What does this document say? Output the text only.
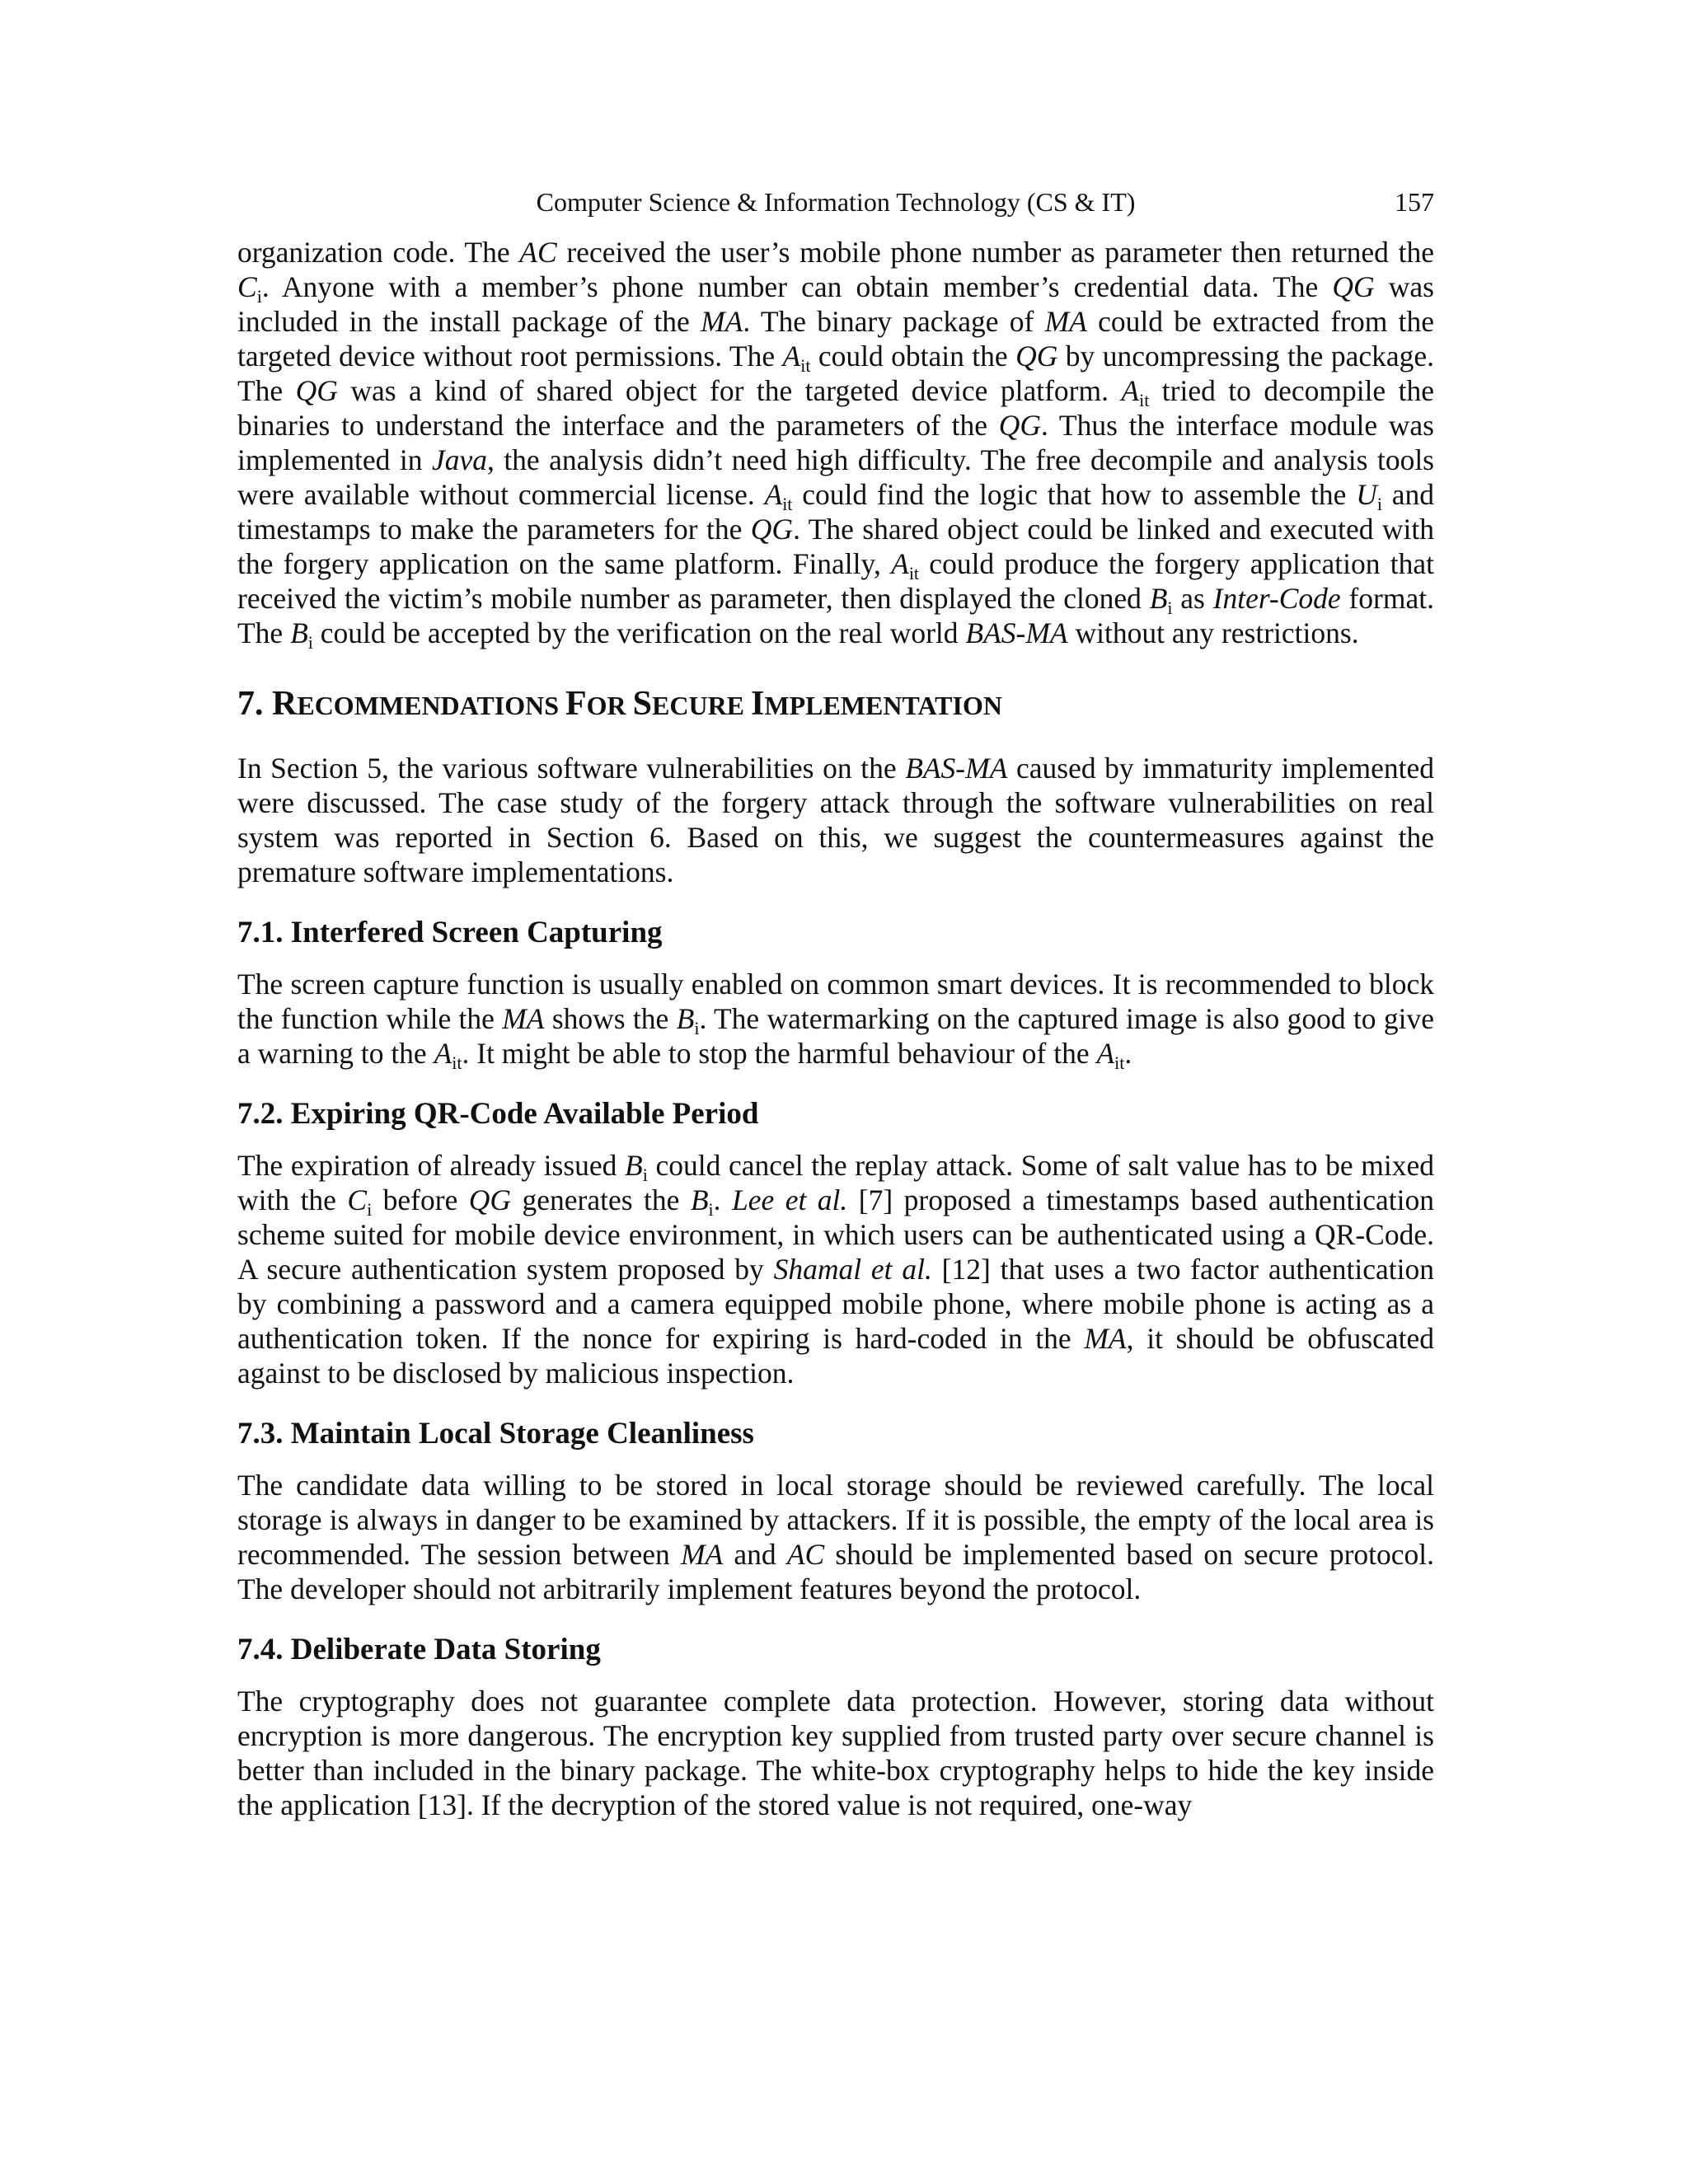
Computer Science & Information Technology (CS & IT)	157

organization code. The AC received the user’s mobile phone number as parameter then returned the $C_i$. Anyone with a member’s phone number can obtain member’s credential data. The QG was included in the install package of the MA. The binary package of MA could be extracted from the targeted device without root permissions. The $A_{it}$ could obtain the QG by uncompressing the package. The QG was a kind of shared object for the targeted device platform. $A_{it}$ tried to decompile the binaries to understand the interface and the parameters of the QG. Thus the interface module was implemented in Java, the analysis didn’t need high difficulty. The free decompile and analysis tools were available without commercial license. $A_{it}$ could find the logic that how to assemble the $U_i$ and timestamps to make the parameters for the QG. The shared object could be linked and executed with the forgery application on the same platform. Finally, $A_{it}$ could produce the forgery application that received the victim’s mobile number as parameter, then displayed the cloned $B_i$ as Inter-Code format. The $B_i$ could be accepted by the verification on the real world BAS-MA without any restrictions.

7. RECOMMENDATIONS FOR SECURE IMPLEMENTATION

In Section 5, the various software vulnerabilities on the BAS-MA caused by immaturity implemented were discussed. The case study of the forgery attack through the software vulnerabilities on real system was reported in Section 6. Based on this, we suggest the countermeasures against the premature software implementations.

7.1. Interfered Screen Capturing

The screen capture function is usually enabled on common smart devices. It is recommended to block the function while the MA shows the $B_i$. The watermarking on the captured image is also good to give a warning to the $A_{it}$. It might be able to stop the harmful behaviour of the $A_{it}$.

7.2. Expiring QR-Code Available Period

The expiration of already issued $B_i$ could cancel the replay attack. Some of salt value has to be mixed with the $C_i$ before QG generates the $B_i$. Lee et al. [7] proposed a timestamps based authentication scheme suited for mobile device environment, in which users can be authenticated using a QR-Code. A secure authentication system proposed by Shamal et al. [12] that uses a two factor authentication by combining a password and a camera equipped mobile phone, where mobile phone is acting as a authentication token. If the nonce for expiring is hard-coded in the MA, it should be obfuscated against to be disclosed by malicious inspection.

7.3. Maintain Local Storage Cleanliness

The candidate data willing to be stored in local storage should be reviewed carefully. The local storage is always in danger to be examined by attackers. If it is possible, the empty of the local area is recommended. The session between MA and AC should be implemented based on secure protocol. The developer should not arbitrarily implement features beyond the protocol.

7.4. Deliberate Data Storing

The cryptography does not guarantee complete data protection. However, storing data without encryption is more dangerous. The encryption key supplied from trusted party over secure channel is better than included in the binary package. The white-box cryptography helps to hide the key inside the application [13]. If the decryption of the stored value is not required, one-way
